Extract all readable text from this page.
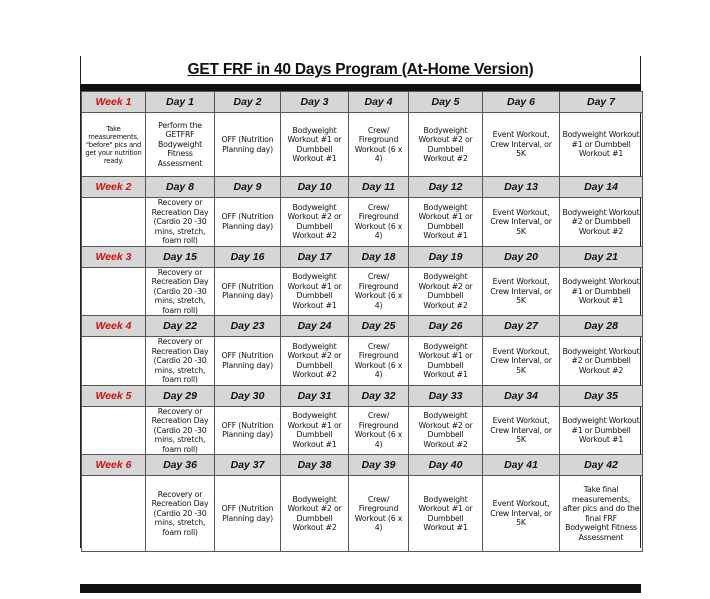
GET FRF in 40 Days Program (At-Home Version)
Week 1	Day 1	Day 2	Day 3	Day 4	Day 5	Day 6	Day 7
Take measurements, "before" pics and get your nutrition ready.	Perform the GETFRF Bodyweight Fitness Assessment	OFF (Nutrition Planning day)	Bodyweight Workout #1 or Dumbbell Workout #1	Crew/ Fireground Workout (6 x 4)	Bodyweight Workout #2 or Dumbbell Workout #2	Event Workout, Crew Interval, or 5K	Bodyweight Workout #1 or Dumbbell Workout #1
Week 2	Day 8	Day 9	Day 10	Day 11	Day 12	Day 13	Day 14
	Recovery or Recreation Day (Cardio 20 -30 mins, stretch, foam roll)	OFF (Nutrition Planning day)	Bodyweight Workout #2 or Dumbbell Workout #2	Crew/ Fireground Workout (6 x 4)	Bodyweight Workout #1 or Dumbbell Workout #1	Event Workout, Crew Interval, or 5K	Bodyweight Workout #2 or Dumbbell Workout #2
Week 3	Day 15	Day 16	Day 17	Day 18	Day 19	Day 20	Day 21
	Recovery or Recreation Day (Cardio 20 -30 mins, stretch, foam roll)	OFF (Nutrition Planning day)	Bodyweight Workout #1 or Dumbbell Workout #1	Crew/ Fireground Workout (6 x 4)	Bodyweight Workout #2 or Dumbbell Workout #2	Event Workout, Crew Interval, or 5K	Bodyweight Workout #1 or Dumbbell Workout #1
Week 4	Day 22	Day 23	Day 24	Day 25	Day 26	Day 27	Day 28
	Recovery or Recreation Day (Cardio 20 -30 mins, stretch, foam roll)	OFF (Nutrition Planning day)	Bodyweight Workout #2 or Dumbbell Workout #2	Crew/ Fireground Workout (6 x 4)	Bodyweight Workout #1 or Dumbbell Workout #1	Event Workout, Crew Interval, or 5K	Bodyweight Workout #2 or Dumbbell Workout #2
Week 5	Day 29	Day 30	Day 31	Day 32	Day 33	Day 34	Day 35
	Recovery or Recreation Day (Cardio 20 -30 mins, stretch, foam roll)	OFF (Nutrition Planning day)	Bodyweight Workout #1 or Dumbbell Workout #1	Crew/ Fireground Workout (6 x 4)	Bodyweight Workout #2 or Dumbbell Workout #2	Event Workout, Crew Interval, or 5K	Bodyweight Workout #1 or Dumbbell Workout #1
Week 6	Day 36	Day 37	Day 38	Day 39	Day 40	Day 41	Day 42
	Recovery or Recreation Day (Cardio 20 -30 mins, stretch, foam roll)	OFF (Nutrition Planning day)	Bodyweight Workout #2 or Dumbbell Workout #2	Crew/ Fireground Workout (6 x 4)	Bodyweight Workout #1 or Dumbbell Workout #1	Event Workout, Crew Interval, or 5K	Take final measurements, after pics and do the final FRF Bodyweight Fitness Assessment
